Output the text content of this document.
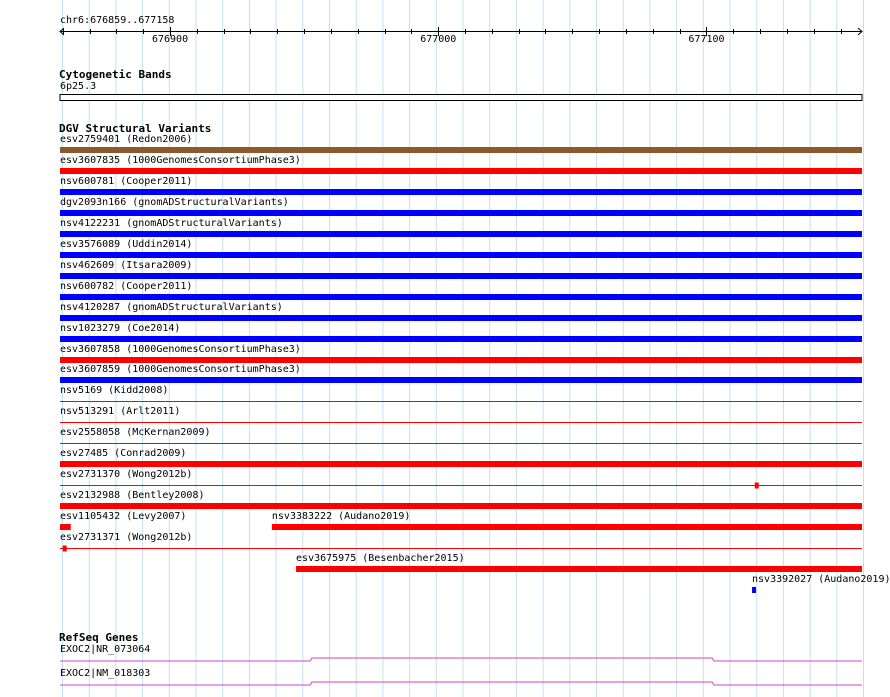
chr6:676859..677158
676900	677000	677100
Cytogenetic Bands
6p25.3
DGV Structural Variants
esv2759401 (Redon2006)
esv3607835 (1000GenomesConsortiumPhase3)
nsv600781 (Cooper2011)
dgv2093n166 (gnomADStructuralVariants)
nsv4122231 (gnomADStructuralVariants)
esv3576089 (Uddin2014)
nsv462609 (Itsara2009)
nsv600782 (Cooper2011)
nsv4120287 (gnomADStructuralVariants)
nsv1023279 (Coe2014)
esv3607858 (1000GenomesConsortiumPhase3)
esv3607859 (1000GenomesConsortiumPhase3)
nsv5169 (Kidd2008)
nsv513291 (Arlt2011)
esv2558058 (McKernan2009)
esv27485 (Conrad2009)
esv2731370 (Wong2012b)
esv2132988 (Bentley2008)
esv1105432 (Levy2007)	nsv3383222 (Audano2019)
esv2731371 (Wong2012b)
esv3675975 (Besenbacher2015)
nsv3392027 (Audano2019)
RefSeq Genes
EXOC2|NR_073064
EXOC2|NM_018303
